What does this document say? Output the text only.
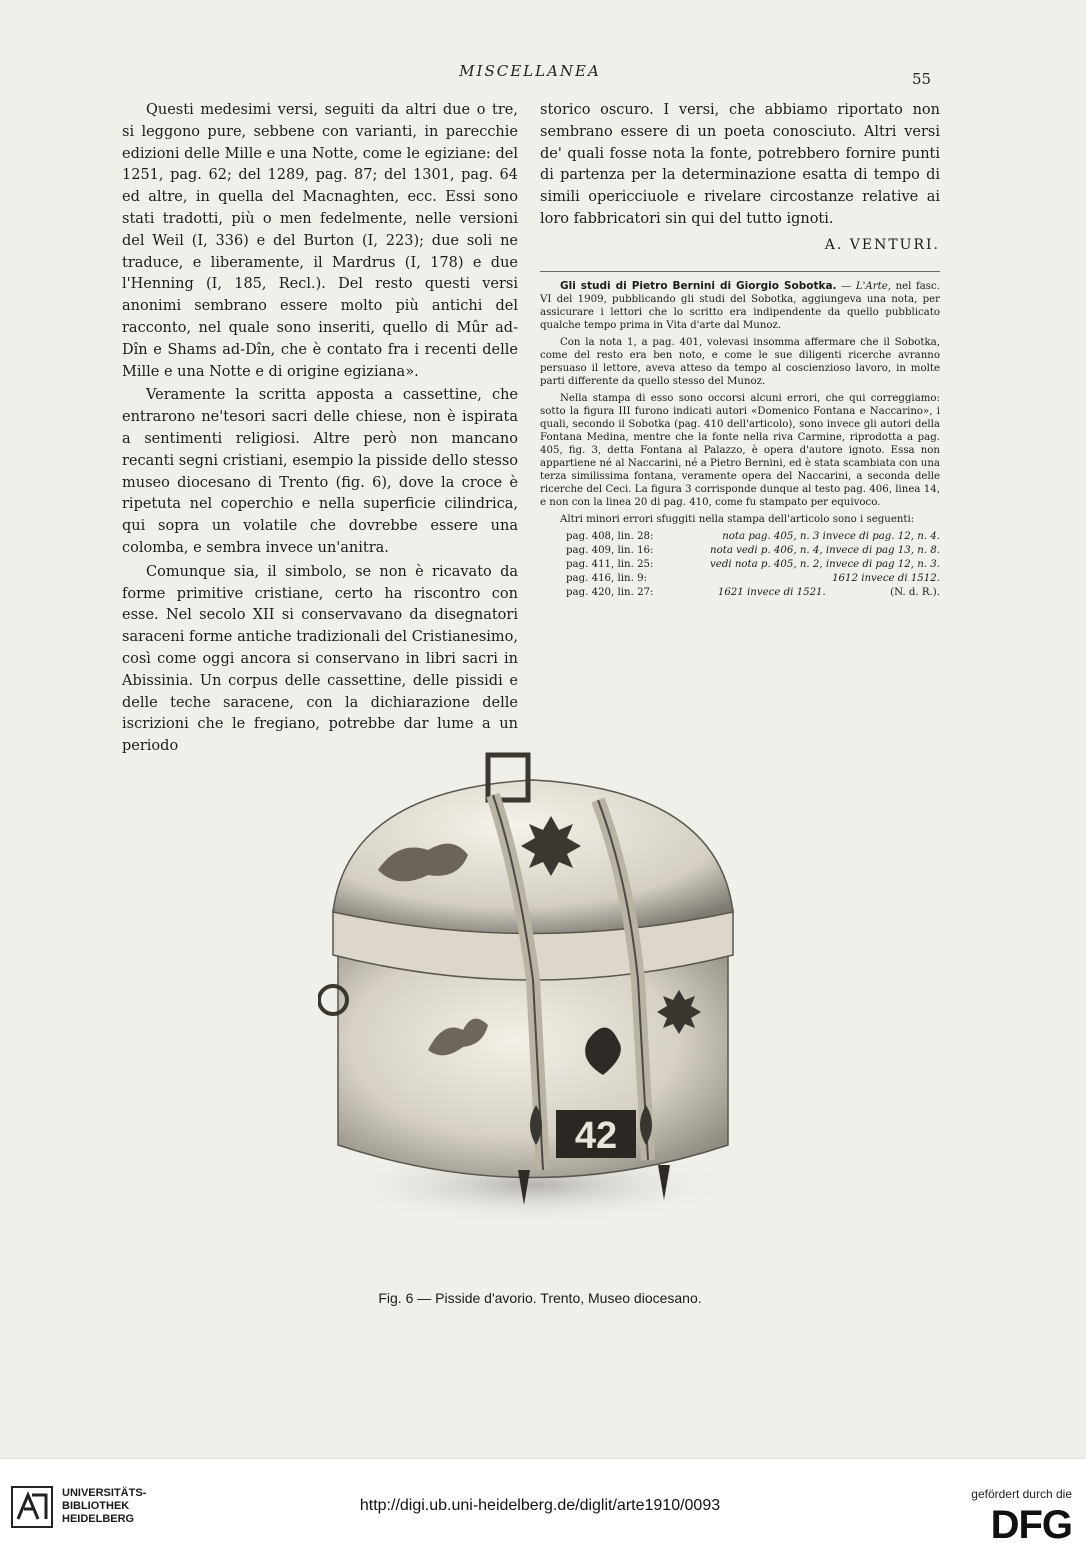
MISCELLANEA	55

Questi medesimi versi, seguiti da altri due o tre, si leggono pure, sebbene con varianti, in parecchie edizioni delle Mille e una Notte, come le egiziane: del 1251, pag. 62; del 1289, pag. 87; del 1301, pag. 64 ed altre, in quella del Macnaghten, ecc. Essi sono stati tradotti, più o men fedelmente, nelle versioni del Weil (I, 336) e del Burton (I, 223); due soli ne traduce, e liberamente, il Mardrus (I, 178) e due l'Henning (I, 185, Recl.). Del resto questi versi anonimi sembrano essere molto più antichi del racconto, nel quale sono inseriti, quello di Mûr ad-Dîn e Shams ad-Dîn, che è contato fra i recenti delle Mille e una Notte e di origine egiziana».

Veramente la scritta apposta a cassettine, che entrarono ne'tesori sacri delle chiese, non è ispirata a sentimenti religiosi. Altre però non mancano recanti segni cristiani, esempio la pisside dello stesso museo diocesano di Trento (fig. 6), dove la croce è ripetuta nel coperchio e nella superficie cilindrica, qui sopra un volatile che dovrebbe essere una colomba, e sembra invece un'anitra.

Comunque sia, il simbolo, se non è ricavato da forme primitive cristiane, certo ha riscontro con esse. Nel secolo XII si conservavano da disegnatori saraceni forme antiche tradizionali del Cristianesimo, così come oggi ancora si conservano in libri sacri in Abissinia. Un corpus delle cassettine, delle pissidi e delle teche saracene, con la dichiarazione delle iscrizioni che le fregiano, potrebbe dar lume a un periodo

storico oscuro. I versi, che abbiamo riportato non sembrano essere di un poeta conosciuto. Altri versi de' quali fosse nota la fonte, potrebbero fornire punti di partenza per la determinazione esatta di tempo di simili opericciuole e rivelare circostanze relative ai loro fabbricatori sin qui del tutto ignoti.
A. VENTURI.

Gli studi di Pietro Bernini di Giorgio Sobotka. — L'Arte, nel fasc. VI del 1909, pubblicando gli studi del Sobotka, aggiungeva una nota, per assicurare i lettori che lo scritto era indipendente da quello pubblicato qualche tempo prima in Vita d'arte dal Munoz.

Con la nota 1, a pag. 401, volevasi insomma affermare che il Sobotka, come del resto era ben noto, e come le sue diligenti ricerche avranno persuaso il lettore, aveva atteso da tempo al coscienzioso lavoro, in molte parti differente da quello stesso del Munoz.

Nella stampa di esso sono occorsi alcuni errori, che qui correggiamo: sotto la figura III furono indicati autori «Domenico Fontana e Naccarino», i quali, secondo il Sobotka (pag. 410 dell'articolo), sono invece gli autori della Fontana Medina, mentre che la fonte nella riva Carmine, riprodotta a pag. 405, fig. 3, detta Fontana al Palazzo, è opera d'autore ignoto. Essa non appartiene né al Naccarini, né a Pietro Bernini, ed è stata scambiata con una terza similissima fontana, veramente opera del Naccarini, a seconda delle ricerche del Ceci. La figura 3 corrisponde dunque al testo pag. 406, linea 14, e non con la linea 20 di pag. 410, come fu stampato per equivoco.

Altri minori errori sfuggiti nella stampa dell'articolo sono i seguenti:

pag. 408, lin. 28:	nota pag. 405, n. 3 invece di pag. 12, n. 4.
pag. 409, lin. 16:	nota vedi p. 406, n. 4, invece di pag 13, n. 8.
pag. 411, lin. 25:	vedi nota p. 405, n. 2, invece di pag 12, n. 3.
pag. 416, lin. 9:	1612 invece di 1512.
pag. 420, lin. 27:	1621 invece di 1521.	(N. d. R.).
42
Fig. 6 — Pisside d'avorio. Trento, Museo diocesano.
UNIVERSITÄTS-
BIBLIOTHEK
HEIDELBERG
http://digi.ub.uni-heidelberg.de/diglit/arte1910/0093
gefördert durch die
DFG
